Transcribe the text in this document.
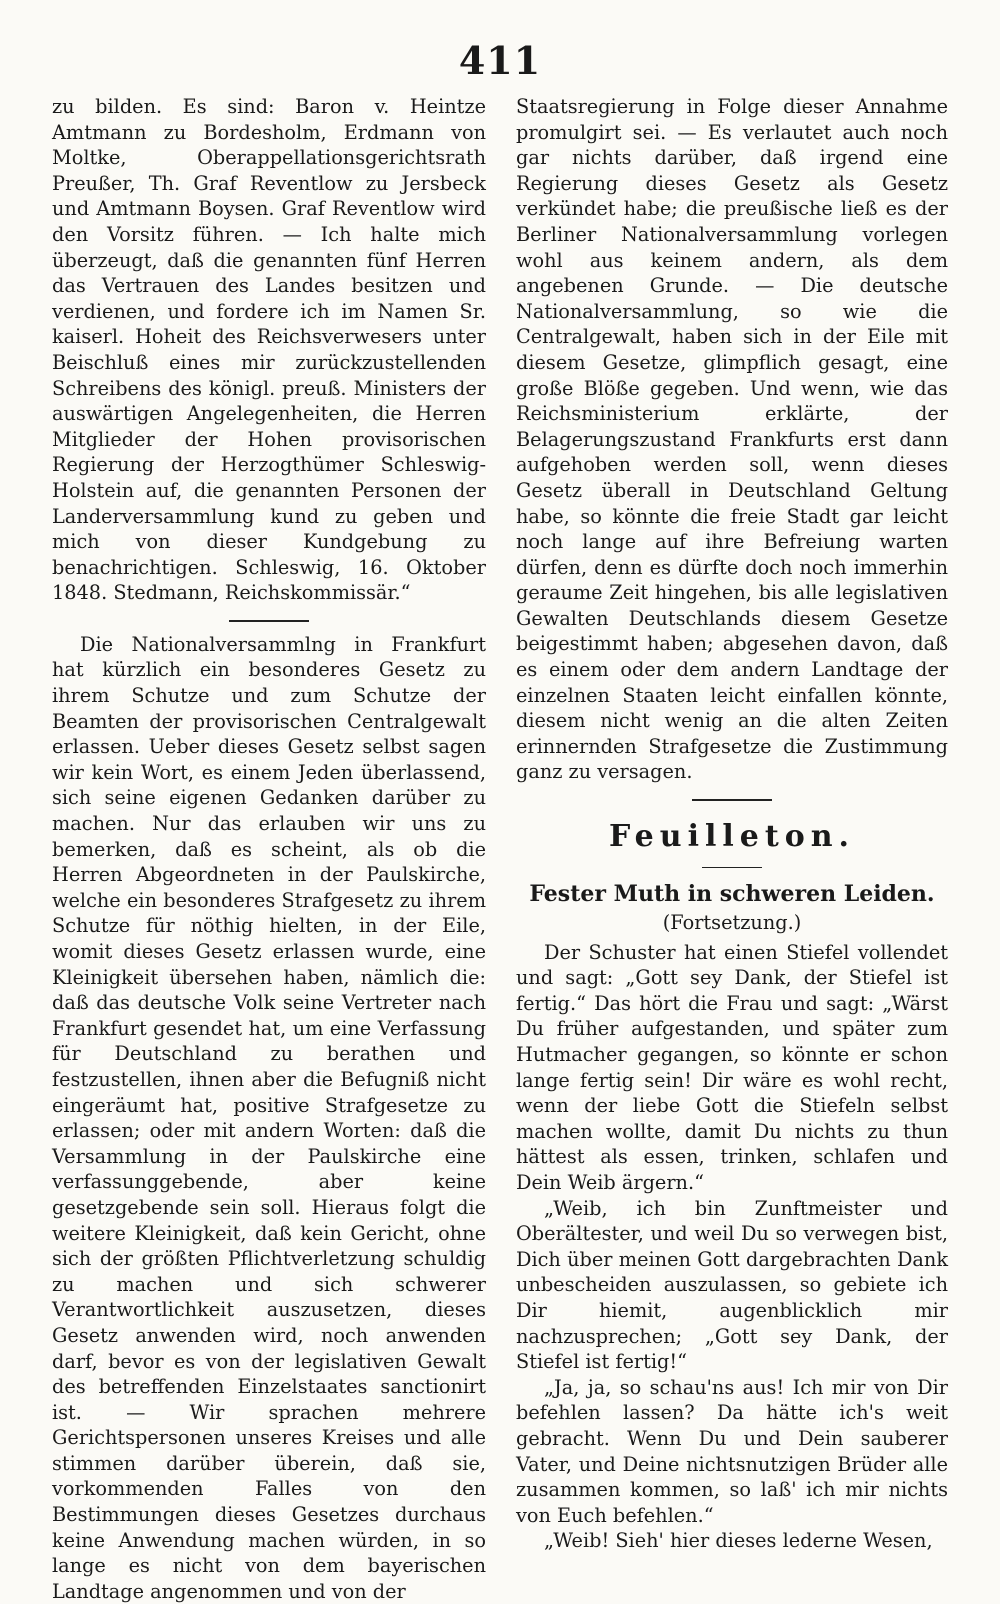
411

zu bilden. Es sind: Baron v. Heintze Amtmann zu Bordesholm, Erdmann von Moltke, Oberappellationsgerichtsrath Preußer, Th. Graf Reventlow zu Jersbeck und Amtmann Boysen. Graf Reventlow wird den Vorsitz führen. — Ich halte mich überzeugt, daß die genannten fünf Herren das Vertrauen des Landes besitzen und verdienen, und fordere ich im Namen Sr. kaiserl. Hoheit des Reichsverwesers unter Beischluß eines mir zurückzustellenden Schreibens des königl. preuß. Ministers der auswärtigen Angelegenheiten, die Herren Mitglieder der Hohen provisorischen Regierung der Herzogthümer Schleswig-Holstein auf, die genannten Personen der Landerversammlung kund zu geben und mich von dieser Kundgebung zu benachrichtigen. Schleswig, 16. Oktober 1848. Stedmann, Reichskommissär.“

Die Nationalversammlng in Frankfurt hat kürzlich ein besonderes Gesetz zu ihrem Schutze und zum Schutze der Beamten der provisorischen Centralgewalt erlassen. Ueber dieses Gesetz selbst sagen wir kein Wort, es einem Jeden überlassend, sich seine eigenen Gedanken darüber zu machen. Nur das erlauben wir uns zu bemerken, daß es scheint, als ob die Herren Abgeordneten in der Paulskirche, welche ein besonderes Strafgesetz zu ihrem Schutze für nöthig hielten, in der Eile, womit dieses Gesetz erlassen wurde, eine Kleinigkeit übersehen haben, nämlich die: daß das deutsche Volk seine Vertreter nach Frankfurt gesendet hat, um eine Verfassung für Deutschland zu berathen und festzustellen, ihnen aber die Befugniß nicht eingeräumt hat, positive Strafgesetze zu erlassen; oder mit andern Worten: daß die Versammlung in der Paulskirche eine verfassunggebende, aber keine gesetzgebende sein soll. Hieraus folgt die weitere Kleinigkeit, daß kein Gericht, ohne sich der größten Pflichtverletzung schuldig zu machen und sich schwerer Verantwortlichkeit auszusetzen, dieses Gesetz anwenden wird, noch anwenden darf, bevor es von der legislativen Gewalt des betreffenden Einzelstaates sanctionirt ist. — Wir sprachen mehrere Gerichtspersonen unseres Kreises und alle stimmen darüber überein, daß sie, vorkommenden Falles von den Bestimmungen dieses Gesetzes durchaus keine Anwendung machen würden, in so lange es nicht von dem bayerischen Landtage angenommen und von der

Staatsregierung in Folge dieser Annahme promulgirt sei. — Es verlautet auch noch gar nichts darüber, daß irgend eine Regierung dieses Gesetz als Gesetz verkündet habe; die preußische ließ es der Berliner Nationalversammlung vorlegen wohl aus keinem andern, als dem angebenen Grunde. — Die deutsche Nationalversammlung, so wie die Centralgewalt, haben sich in der Eile mit diesem Gesetze, glimpflich gesagt, eine große Blöße gegeben. Und wenn, wie das Reichsministerium erklärte, der Belagerungszustand Frankfurts erst dann aufgehoben werden soll, wenn dieses Gesetz überall in Deutschland Geltung habe, so könnte die freie Stadt gar leicht noch lange auf ihre Befreiung warten dürfen, denn es dürfte doch noch immerhin geraume Zeit hingehen, bis alle legislativen Gewalten Deutschlands diesem Gesetze beigestimmt haben; abgesehen davon, daß es einem oder dem andern Landtage der einzelnen Staaten leicht einfallen könnte, diesem nicht wenig an die alten Zeiten erinnernden Strafgesetze die Zustimmung ganz zu versagen.

Feuilleton.
Fester Muth in schweren Leiden.
(Fortsetzung.)

Der Schuster hat einen Stiefel vollendet und sagt: „Gott sey Dank, der Stiefel ist fertig.“ Das hört die Frau und sagt: „Wärst Du früher aufgestanden, und später zum Hutmacher gegangen, so könnte er schon lange fertig sein! Dir wäre es wohl recht, wenn der liebe Gott die Stiefeln selbst machen wollte, damit Du nichts zu thun hättest als essen, trinken, schlafen und Dein Weib ärgern.“

„Weib, ich bin Zunftmeister und Oberältester, und weil Du so verwegen bist, Dich über meinen Gott dargebrachten Dank unbescheiden auszulassen, so gebiete ich Dir hiemit, augenblicklich mir nachzusprechen; „Gott sey Dank, der Stiefel ist fertig!“

„Ja, ja, so schau'ns aus! Ich mir von Dir befehlen lassen? Da hätte ich's weit gebracht. Wenn Du und Dein sauberer Vater, und Deine nichtsnutzigen Brüder alle zusammen kommen, so laß' ich mir nichts von Euch befehlen.“

„Weib! Sieh' hier dieses lederne Wesen,
